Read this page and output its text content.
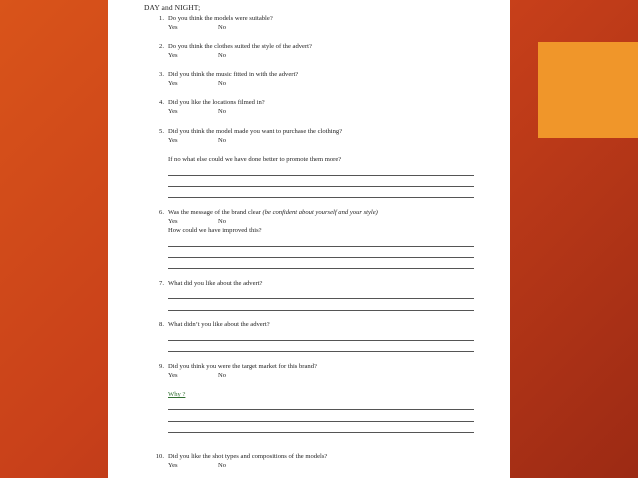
DAY and NIGHT;
1. Do you think the models were suitable?
Yes	No
2. Do you think the clothes suited the style of the advert?
Yes	No
3. Did you think the music fitted in with the advert?
Yes	No
4. Did you like the locations filmed in?
Yes	No
5. Did you think the model made you want to purchase the clothing?
Yes	No
If no what else could we have done better to promote them more?
6. Was the message of the brand clear (be confident about yourself and your style)
Yes	No
How could we have improved this?
7. What did you like about the advert?
8. What didn’t you like about the advert?
9. Did you think you were the target market for this brand?
Yes	No
Why ?
10. Did you like the shot types and compositions of the models?
Yes	No
